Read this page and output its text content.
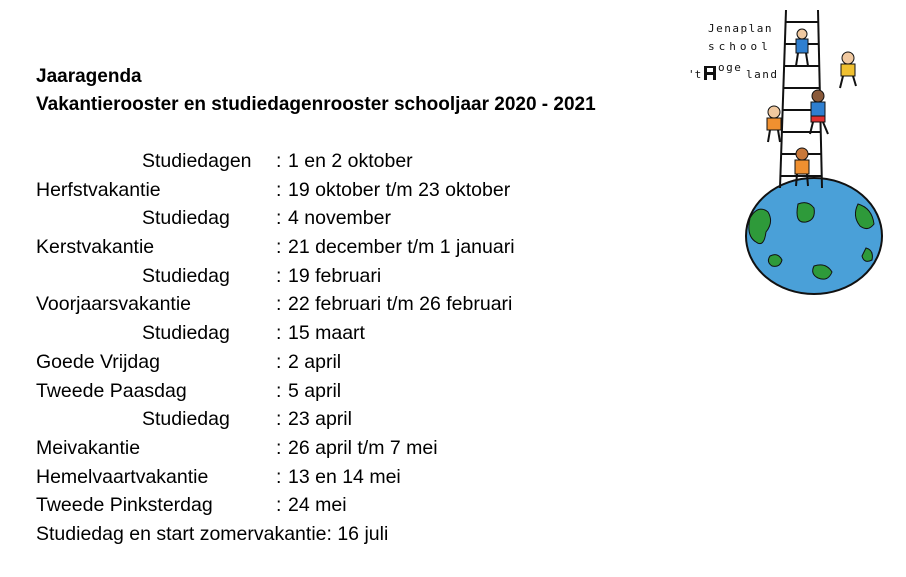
Jaaragenda
Vakantierooster en studiedagenrooster schooljaar 2020 - 2021
Studiedagen : 1 en 2 oktober
Herfstvakantie	: 19 oktober t/m 23 oktober
Studiedag : 4 november
Kerstvakantie	: 21 december t/m 1 januari
Studiedag : 19 februari
Voorjaarsvakantie	: 22 februari t/m 26 februari
Studiedag : 15 maart
Goede Vrijdag	: 2 april
Tweede Paasdag	: 5 april
Studiedag : 23 april
Meivakantie	: 26 april t/m 7 mei
Hemelvaartvakantie	: 13 en 14 mei
Tweede Pinksterdag	: 24 mei
Studiedag en start zomervakantie: 16 juli
Jenaplan
school
't
oge
land
